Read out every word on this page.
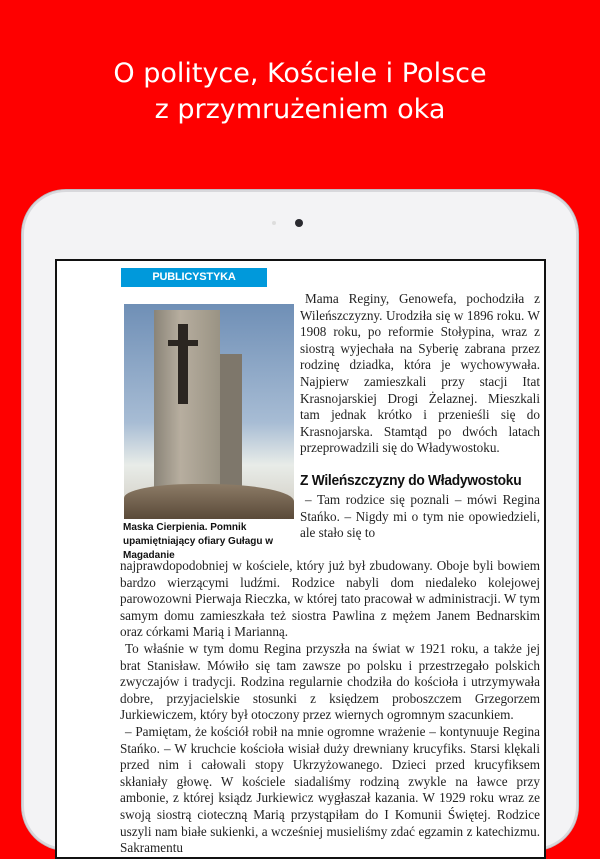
O polityce, Kościele i Polsce
z przymrużeniem oka
PUBLICYSTYKA
Maska Cierpienia. Pomnik upamiętniający ofiary Gułagu w Magadanie

Mama Reginy, Genowefa, pochodziła z Wileńszczyzny. Urodziła się w 1896 roku. W 1908 roku, po reformie Stołypina, wraz z siostrą wyjechała na Syberię zabrana przez rodzinę dziadka, która je wychowywała. Najpierw zamieszkali przy stacji Itat Krasnojarskiej Drogi Żelaznej. Mieszkali tam jednak krótko i przenieśli się do Krasnojarska. Stamtąd po dwóch latach przeprowadzili się do Władywostoku.

Z Wileńszczyzny do Władywostoku

– Tam rodzice się poznali – mówi Regina Stańko. – Nigdy mi o tym nie opowiedzieli, ale stało się to

najprawdopodobniej w kościele, który już był zbudowany. Oboje byli bowiem bardzo wierzącymi ludźmi. Rodzice nabyli dom niedaleko kolejowej parowozowni Pierwaja Rieczka, w której tato pracował w administracji. W tym samym domu zamieszkała też siostra Pawlina z mężem Janem Bednarskim oraz córkami Marią i Marianną.

To właśnie w tym domu Regina przyszła na świat w 1921 roku, a także jej brat Stanisław. Mówiło się tam zawsze po polsku i przestrzegało polskich zwyczajów i tradycji. Rodzina regularnie chodziła do kościoła i utrzymywała dobre, przyjacielskie stosunki z księdzem proboszczem Grzegorzem Jurkiewiczem, który był otoczony przez wiernych ogromnym szacunkiem.

– Pamiętam, że kościół robił na mnie ogromne wrażenie – kontynuuje Regina Stańko. – W kruchcie kościoła wisiał duży drewniany krucyfiks. Starsi klękali przed nim i całowali stopy Ukrzyżowanego. Dzieci przed krucyfiksem skłaniały głowę. W kościele siadaliśmy rodziną zwykle na ławce przy ambonie, z której ksiądz Jurkiewicz wygłaszał kazania. W 1929 roku wraz ze swoją siostrą cioteczną Marią przystąpiłam do I Komunii Świętej. Rodzice uszyli nam białe sukienki, a wcześniej musieliśmy zdać egzamin z katechizmu. Sakramentu
